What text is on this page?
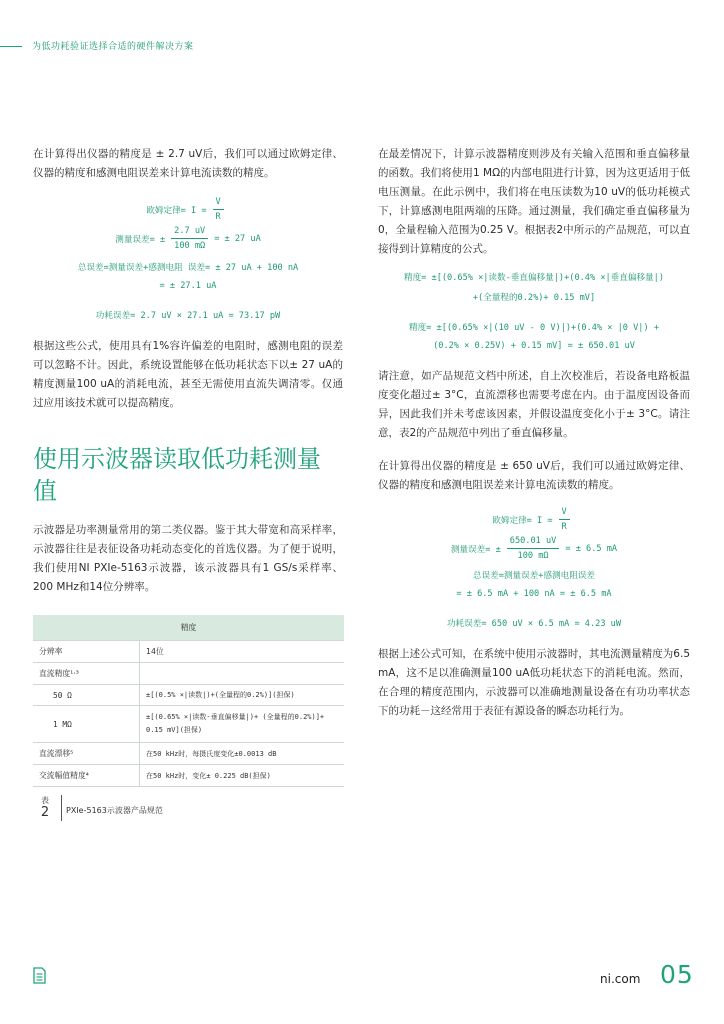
为低功耗验证选择合适的硬件解决方案

在计算得出仪器的精度是 ± 2.7 uV后，我们可以通过欧姆定律、仪器的精度和感测电阻误差来计算电流读数的精度。

欧姆定律= $I = \frac{V}{R}$
测量误差= ± $\frac{2.7 uV}{100 m\Omega}$ = ± 27 uA
总误差=测量误差+感测电阻 误差= ± 27 uA + 100 nA
= ± 27.1 uA
功耗误差= 2.7 uV × 27.1 uA = 73.17 pW

根据这些公式，使用具有1%容许偏差的电阻时，感测电阻的误差可以忽略不计。因此，系统设置能够在低功耗状态下以± 27 uA的精度测量100 uA的消耗电流，甚至无需使用直流失调清零。仅通过应用该技术就可以提高精度。

使用示波器读取低功耗测量值

示波器是功率测量常用的第二类仪器。鉴于其大带宽和高采样率，示波器往往是表征设备功耗动态变化的首选仪器。为了便于说明，我们使用NI PXIe-5163示波器，该示波器具有1 GS/s采样率、200 MHz和14位分辨率。

精度	
分辨率	14位
直流精度¹·³	
50 Ω	±[(0.5% ×|读数|)+(全量程的0.2%)](担保)
1 MΩ	±[(0.65% ×|读数-垂直偏移量|)+ (全量程的0.2%)]+ 0.15 mV](担保)
直流漂移⁵	在50 kHz时，每摄氏度变化±0.0013 dB
交流幅值精度⁴	在50 kHz时，变化± 0.225 dB(担保)
表
2	PXIe-5163示波器产品规范

在最差情况下，计算示波器精度则涉及有关输入范围和垂直偏移量的函数。我们将使用1 MΩ的内部电阻进行计算，因为这更适用于低电压测量。在此示例中，我们将在电压读数为10 uV的低功耗模式下，计算感测电阻两端的压降。通过测量，我们确定垂直偏移量为0，全量程输入范围为0.25 V。根据表2中所示的产品规范，可以直接得到计算精度的公式。

精度= ±[(0.65% ×|读数-垂直偏移量|)+(0.4% ×|垂直偏移量|)
+(全量程的0.2%)+ 0.15 mV]
精度= ±[(0.65% ×|(10 uV - 0 V)|)+(0.4% × |0 V|) +
(0.2% × 0.25V) + 0.15 mV] = ± 650.01 uV

请注意，如产品规范文档中所述，自上次校准后，若设备电路板温度变化超过± 3°C，直流漂移也需要考虑在内。由于温度因设备而异，因此我们并未考虑该因素，并假设温度变化小于± 3°C。请注意，表2的产品规范中列出了垂直偏移量。

在计算得出仪器的精度是 ± 650 uV后，我们可以通过欧姆定律、仪器的精度和感测电阻误差来计算电流读数的精度。

欧姆定律= $I = \frac{V}{R}$
测量误差= ± $\frac{650.01 uV}{100 m\Omega}$ = ± 6.5 mA
总误差=测量误差+感测电阻误差
= ± 6.5 mA + 100 nA = ± 6.5 mA
功耗误差= 650 uV × 6.5 mA = 4.23 uW

根据上述公式可知，在系统中使用示波器时，其电流测量精度为6.5 mA，这不足以准确测量100 uA低功耗状态下的消耗电流。然而，在合理的精度范围内，示波器可以准确地测量设备在有功功率状态下的功耗－这经常用于表征有源设备的瞬态功耗行为。

ni.com 05
